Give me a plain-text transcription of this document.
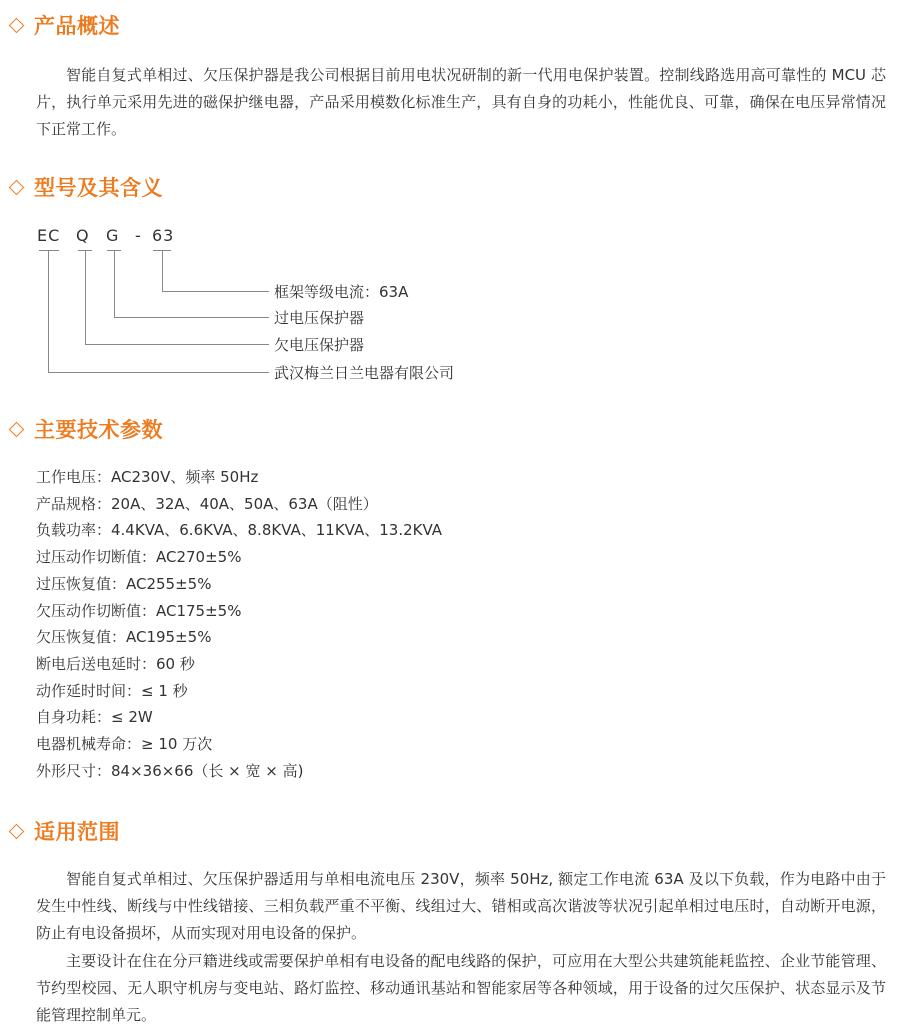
产品概述

智能自复式单相过、欠压保护器是我公司根据目前用电状况研制的新一代用电保护装置。控制线路选用高可靠性的 MCU 芯片，执行单元采用先进的磁保护继电器，产品采用模数化标准生产，具有自身的功耗小，性能优良、可靠，确保在电压异常情况下正常工作。

型号及其含义
EC Q G - 63
框架等级电流：63A
过电压保护器
欠电压保护器
武汉梅兰日兰电器有限公司
主要技术参数
工作电压：AC230V、频率 50Hz
产品规格：20A、32A、40A、50A、63A（阻性）
负载功率：4.4KVA、6.6KVA、8.8KVA、11KVA、13.2KVA
过压动作切断值：AC270±5%
过压恢复值：AC255±5%
欠压动作切断值：AC175±5%
欠压恢复值：AC195±5%
断电后送电延时：60 秒
动作延时时间：≤ 1 秒
自身功耗：≤ 2W
电器机械寿命：≥ 10 万次
外形尺寸：84×36×66（长 × 宽 × 高)
适用范围

智能自复式单相过、欠压保护器适用与单相电流电压 230V，频率 50Hz, 额定工作电流 63A 及以下负载，作为电路中由于发生中性线、断线与中性线错接、三相负载严重不平衡、线组过大、错相或高次谐波等状况引起单相过电压时，自动断开电源，防止有电设备损坏，从而实现对用电设备的保护。

主要设计在住在分戸籍进线或需要保护单相有电设备的配电线路的保护，可应用在大型公共建筑能耗监控、企业节能管理、节约型校园、无人职守机房与变电站、路灯监控、移动通讯基站和智能家居等各种领域，用于设备的过欠压保护、状态显示及节能管理控制单元。
